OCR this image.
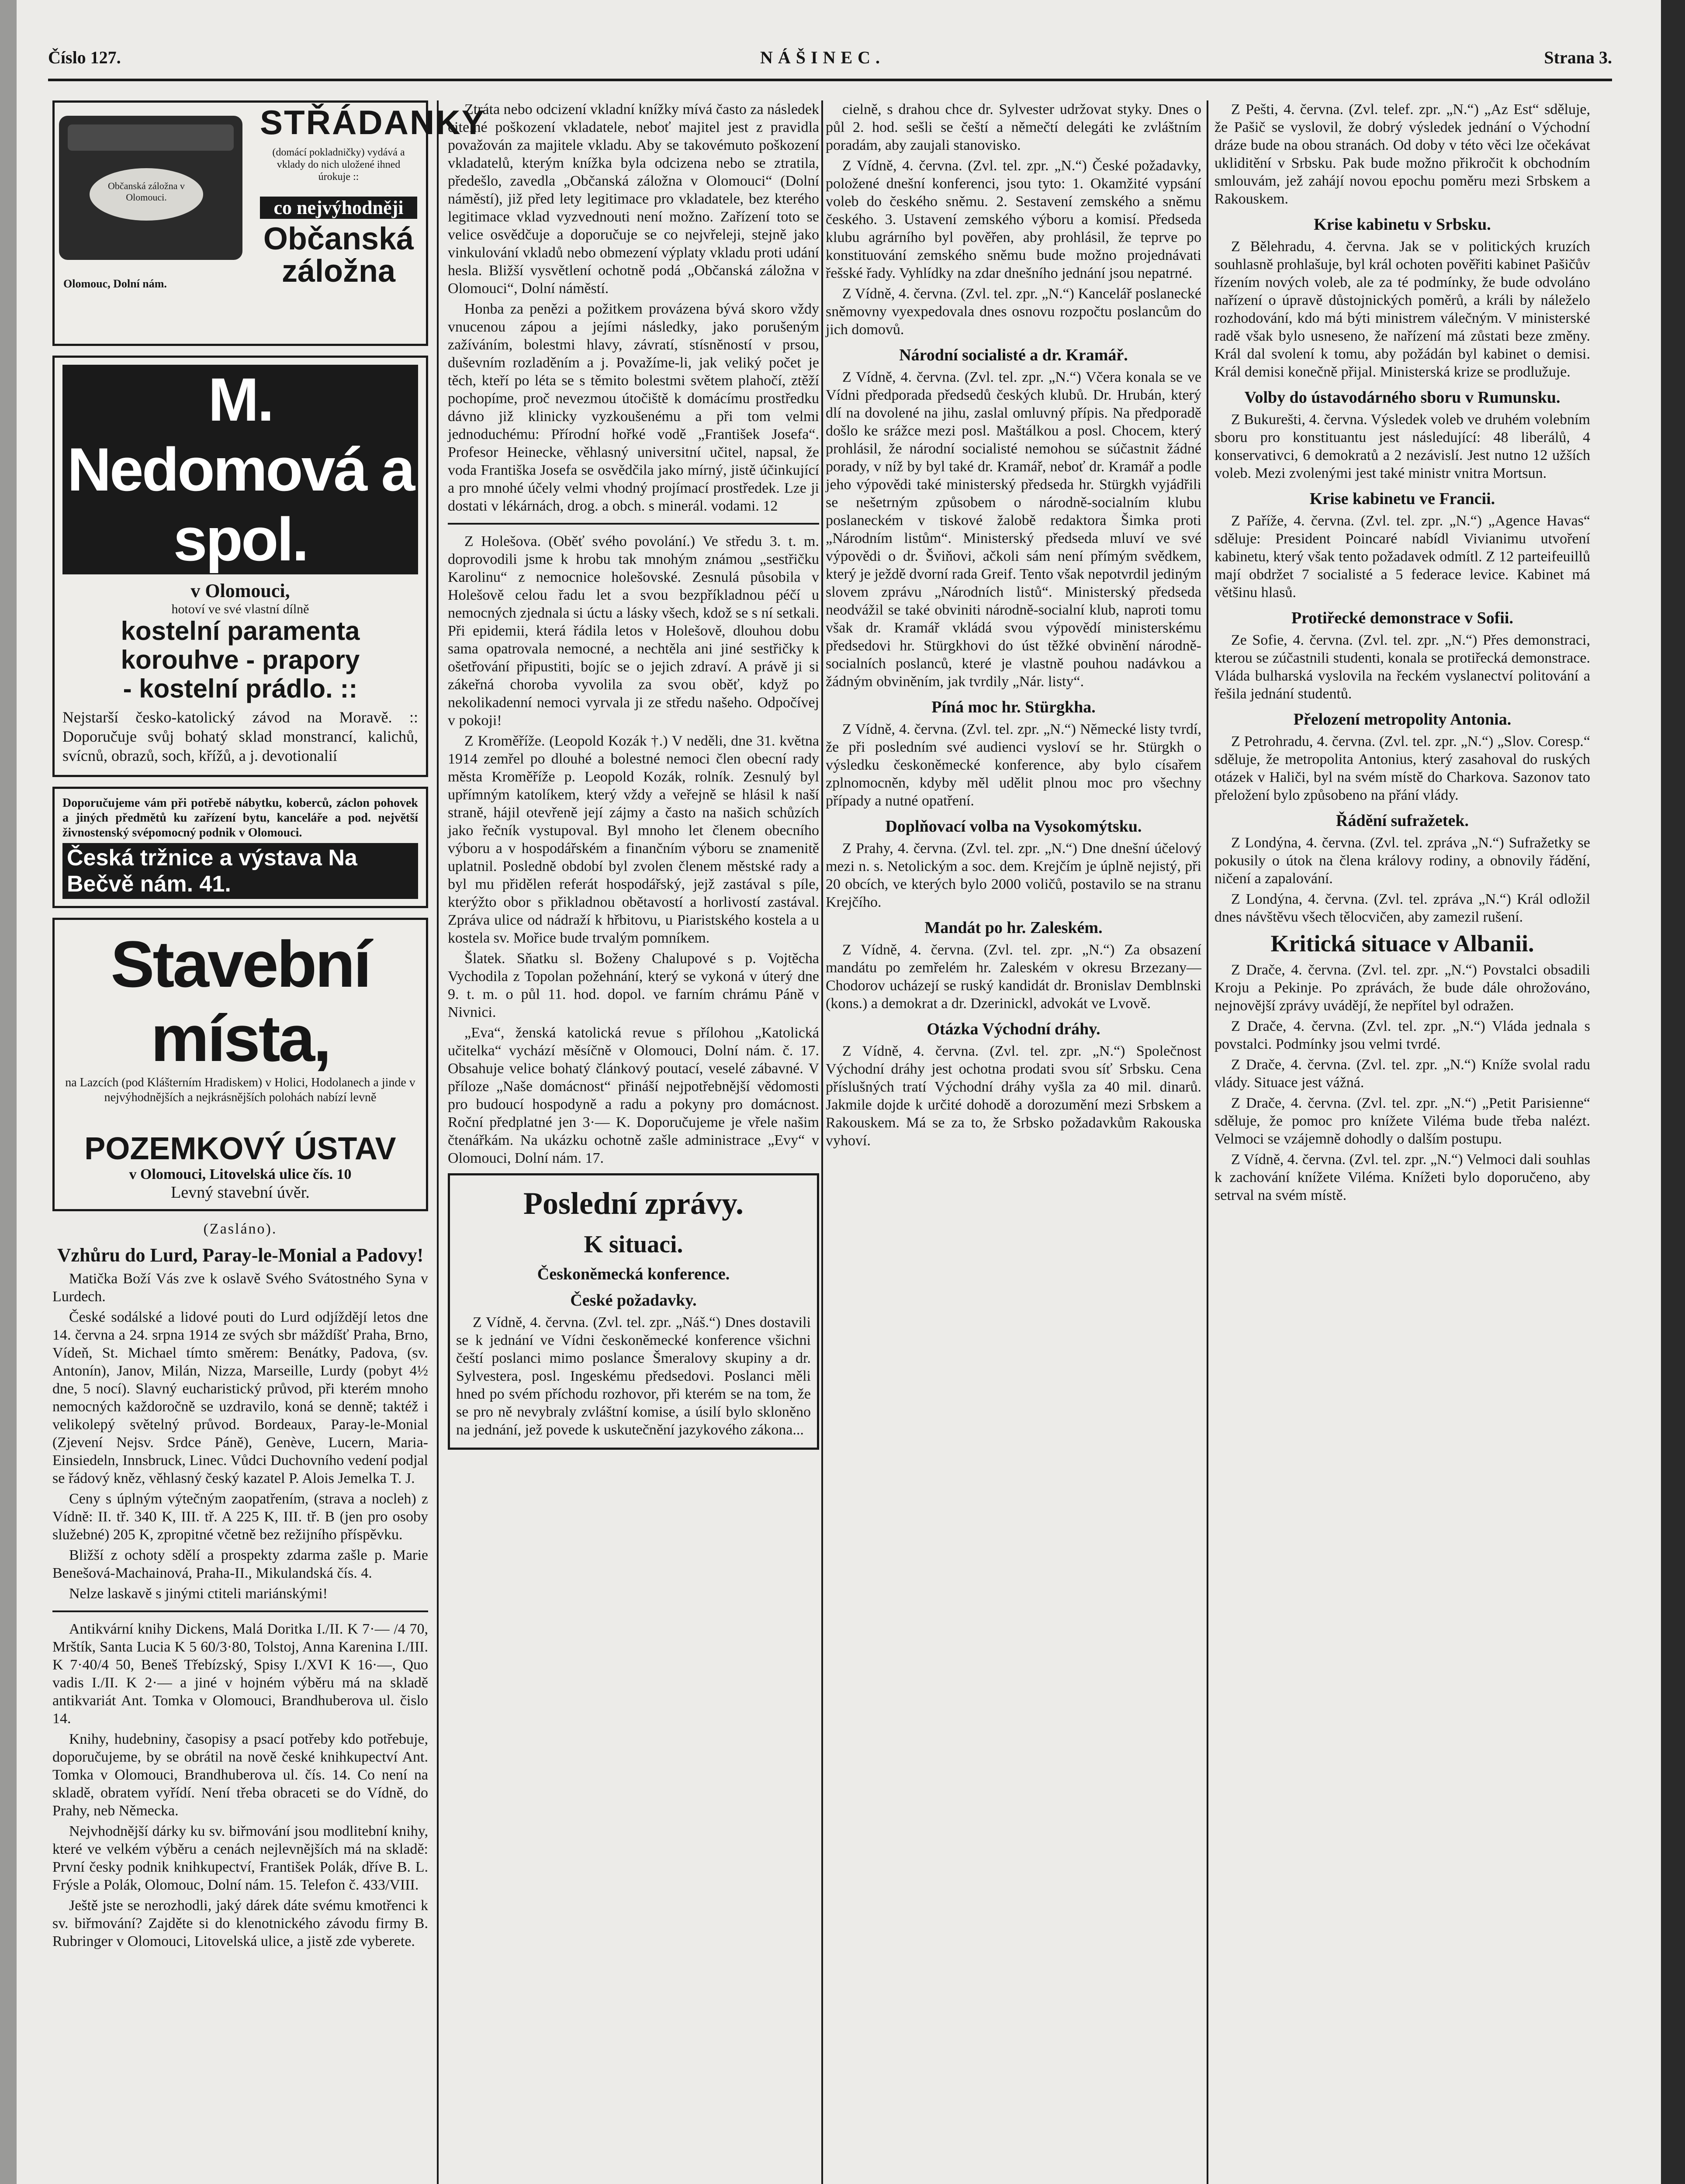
Číslo 127.	NÁŠINEC.	Strana 3.
Občanská záložna v Olomouci.
STŘÁDANKY
(domácí pokladničky) vydává a vklady do nich uložené ihned úrokuje ::
co nejvýhodněji
Občanská záložna
Olomouc, Dolní nám.
M. Nedomová a spol.
v Olomouci,
hotoví ve své vlastní dílně
kostelní paramenta
korouhve - prapory
- kostelní prádlo. ::
Nejstarší česko-katolický závod na Moravě. :: Doporučuje svůj bohatý sklad monstrancí, kalichů, svícnů, obrazů, soch, křížů, a j. devotionalií
Doporučujeme vám při potřebě nábytku, koberců, záclon pohovek a jiných předmětů ku zařízení bytu, kanceláře a pod. největší živnostenský svépomocný podnik v Olomouci.
Česká tržnice a výstava Na Bečvě nám. 41.
Stavební místa,
na Lazcích (pod Klášterním Hradiskem) v Holici, Hodolanech a jinde v nejvýhodnějších a nejkrásnějších polohách nabízí levně
POZEMKOVÝ ÚSTAV
v Olomouci, Litovelská ulice čís. 10
Levný stavební úvěr.
(Zasláno).
Vzhůru do Lurd, Paray-le-Monial a Padovy!

Matička Boží Vás zve k oslavě Svého Svátostného Syna v Lurdech.

České sodálské a lidové pouti do Lurd odjíždějí letos dne 14. června a 24. srpna 1914 ze svých sbr máždíšť Praha, Brno, Vídeň, St. Michael tímto směrem: Benátky, Padova, (sv. Antonín), Janov, Milán, Nizza, Marseille, Lurdy (pobyt 4½ dne, 5 nocí). Slavný eucharistický průvod, při kterém mnoho nemocných každoročně se uzdravilo, koná se denně; taktéž i velikolepý světelný průvod. Bordeaux, Paray-le-Monial (Zjevení Nejsv. Srdce Páně), Genève, Lucern, Maria-Einsiedeln, Innsbruck, Linec. Vůdci Duchovního vedení podjal se řádový kněz, věhlasný český kazatel P. Alois Jemelka T. J.

Ceny s úplným výtečným zaopatřením, (strava a nocleh) z Vídně: II. tř. 340 K, III. tř. A 225 K, III. tř. B (jen pro osoby služebné) 205 K, zpropitné včetně bez režijního příspěvku.

Bližší z ochoty sdělí a prospekty zdarma zašle p. Marie Benešová-Machainová, Praha-II., Mikulandská čís. 4.

Nelze laskavě s jinými ctiteli mariánskými!

Antikvární knihy Dickens, Malá Doritka I./II. K 7·— /4 70, Mrštík, Santa Lucia K 5 60/3·80, Tolstoj, Anna Karenina I./III. K 7·40/4 50, Beneš Třebízský, Spisy I./XVI K 16·—, Quo vadis I./II. K 2·— a jiné v hojném výběru má na skladě antikvariát Ant. Tomka v Olomouci, Brandhuberova ul. čislo 14.

Knihy, hudebniny, časopisy a psací potřeby kdo potřebuje, doporučujeme, by se obrátil na nově české knihkupectví Ant. Tomka v Olomouci, Brandhuberova ul. čís. 14. Co není na skladě, obratem vyřídí. Není třeba obraceti se do Vídně, do Prahy, neb Německa.

Nejvhodnější dárky ku sv. biřmování jsou modlitební knihy, které ve velkém výběru a cenách nejlevnějších má na skladě: První česky podnik knihkupectví, František Polák, dříve B. L. Frýsle a Polák, Olomouc, Dolní nám. 15. Telefon č. 433/VIII.

Ještě jste se nerozhodli, jaký dárek dáte svému kmotřenci k sv. biřmování? Zajděte si do klenotnického závodu firmy B. Rubringer v Olomouci, Litovelská ulice, a jistě zde vyberete.

Ztráta nebo odcizení vkladní knížky mívá často za následek citelné poškození vkladatele, neboť majitel jest z pravidla považován za majitele vkladu. Aby se takovémuto poškození vkladatelů, kterým knížka byla odcizena nebo se ztratila, předešlo, zavedla „Občanská záložna v Olomouci“ (Dolní náměstí), již před lety legitimace pro vkladatele, bez kterého legitimace vklad vyzvednouti není možno. Zařízení toto se velice osvědčuje a doporučuje se co nejvřeleji, stejně jako vinkulování vkladů nebo obmezení výplaty vkladu proti udání hesla. Bližší vysvětlení ochotně podá „Občanská záložna v Olomouci“, Dolní náměstí.

Honba za penězi a požitkem provázena bývá skoro vždy vnucenou zápou a jejími následky, jako porušeným zažíváním, bolestmi hlavy, závratí, stísněností v prsou, duševním rozladěním a j. Považíme-li, jak veliký počet je těch, kteří po léta se s těmito bolestmi světem plahočí, ztěží pochopíme, proč nevezmou útočiště k domácímu prostředku dávno již klinicky vyzkoušenému a při tom velmi jednoduchému: Přírodní hořké vodě „František Josefa“. Profesor Heinecke, věhlasný universitní učitel, napsal, že voda Františka Josefa se osvědčila jako mírný, jistě účinkující a pro mnohé účely velmi vhodný projímací prostředek. Lze ji dostati v lékárnách, drog. a obch. s minerál. vodami. 12

Z Holešova. (Oběť svého povolání.) Ve středu 3. t. m. doprovodili jsme k hrobu tak mnohým známou „sestřičku Karolinu“ z nemocnice holešovské. Zesnulá působila v Holešově celou řadu let a svou bezpříkladnou péčí u nemocných zjednala si úctu a lásky všech, kdož se s ní setkali. Při epidemii, která řádila letos v Holešově, dlouhou dobu sama opatrovala nemocné, a nechtěla ani jiné sestřičky k ošetřování připustiti, bojíc se o jejich zdraví. A právě ji si zákeřná choroba vyvolila za svou oběť, když po nekolikadenní nemoci vyrvala ji ze středu našeho. Odpočívej v pokoji!

Z Kroměříže. (Leopold Kozák †.) V neděli, dne 31. května 1914 zemřel po dlouhé a bolestné nemoci člen obecní rady města Kroměříže p. Leopold Kozák, rolník. Zesnulý byl upřímným katolíkem, který vždy a veřejně se hlásil k naší straně, hájil otevřeně její zájmy a často na našich schůzích jako řečník vystupoval. Byl mnoho let členem obecního výboru a v hospodářském a finančním výboru se znamenitě uplatnil. Posledně období byl zvolen členem městské rady a byl mu přidělen referát hospodářský, jejž zastával s píle, kterýžto obor s přikladnou obětavostí a horlivostí zastával. Zpráva ulice od nádraží k hřbitovu, u Piaristského kostela a u kostela sv. Mořice bude trvalým pomníkem.

Šlatek. Sňatku sl. Boženy Chalupové s p. Vojtěcha Vychodila z Topolan požehnání, který se vykoná v úterý dne 9. t. m. o půl 11. hod. dopol. ve farním chrámu Páně v Nivnici.

„Eva“, ženská katolická revue s přílohou „Katolická učitelka“ vychází měsíčně v Olomouci, Dolní nám. č. 17. Obsahuje velice bohatý článkový poutací, veselé zábavné. V příloze „Naše domácnost“ přináší nejpotřebnější vědomosti pro budoucí hospodyně a radu a pokyny pro domácnost. Roční předplatné jen 3·— K. Doporučujeme je vřele našim čtenářkám. Na ukázku ochotně zašle administrace „Evy“ v Olomouci, Dolní nám. 17.

Poslední zprávy.
K situaci.
Českoněmecká konference.
České požadavky.

Z Vídně, 4. června. (Zvl. tel. zpr. „Náš.“) Dnes dostavili se k jednání ve Vídni českoněmecké konference všichni čeští poslanci mimo poslance Šmeralovy skupiny a dr. Sylvestera, posl. Ingeskému předsedovi. Poslanci měli hned po svém příchodu rozhovor, při kterém se na tom, že se pro ně nevybraly zvláštní komise, a úsilí bylo skloněno na jednání, jež povede k uskutečnění jazykového zákona...

cielně, s drahou chce dr. Sylvester udržovat styky. Dnes o půl 2. hod. sešli se čeští a němečtí delegáti ke zvláštním poradám, aby zaujali stanovisko.

Z Vídně, 4. června. (Zvl. tel. zpr. „N.“) České požadavky, položené dnešní konferenci, jsou tyto: 1. Okamžité vypsání voleb do českého sněmu. 2. Sestavení zemského a sněmu českého. 3. Ustavení zemského výboru a komisí. Předseda klubu agrárního byl pověřen, aby prohlásil, že teprve po konstituování zemského sněmu bude možno projednávati řešské řady. Vyhlídky na zdar dnešního jednání jsou nepatrné.

Z Vídně, 4. června. (Zvl. tel. zpr. „N.“) Kancelář poslanecké sněmovny vyexpedovala dnes osnovu rozpočtu poslancům do jich domovů.

Národní socialisté a dr. Kramář.

Z Vídně, 4. června. (Zvl. tel. zpr. „N.“) Včera konala se ve Vídni předporada předsedů českých klubů. Dr. Hrubán, který dlí na dovolené na jihu, zaslal omluvný přípis. Na předporadě došlo ke srážce mezi posl. Maštálkou a posl. Chocem, který prohlásil, že národní socialisté nemohou se súčastnit žádné porady, v níž by byl také dr. Kramář, neboť dr. Kramář a podle jeho výpovědi také ministerský předseda hr. Stürgkh vyjádřili se nešetrným způsobem o národně-socialním klubu poslaneckém v tiskové žalobě redaktora Šimka proti „Národním listům“. Ministerský předseda mluví ve své výpovědi o dr. Šviňovi, ačkoli sám není přímým svědkem, který je ježdě dvorní rada Greif. Tento však nepotvrdil jediným slovem zprávu „Národních listů“. Ministerský předseda neodvážil se také obviniti národně-socialní klub, naproti tomu však dr. Kramář vkládá svou výpovědí ministerskému předsedovi hr. Stürgkhovi do úst těžké obvinění národně-socialních poslanců, které je vlastně pouhou nadávkou a žádným obviněním, jak tvrdily „Nár. listy“.

Píná moc hr. Stürgkha.

Z Vídně, 4. června. (Zvl. tel. zpr. „N.“) Německé listy tvrdí, že při posledním své audienci vysloví se hr. Stürgkh o výsledku českoněmecké konference, aby bylo císařem zplnomocněn, kdyby měl udělit plnou moc pro všechny případy a nutné opatření.

Doplňovací volba na Vysokomýtsku.

Z Prahy, 4. června. (Zvl. tel. zpr. „N.“) Dne dnešní účelový mezi n. s. Netolickým a soc. dem. Krejčím je úplně nejistý, při 20 obcích, ve kterých bylo 2000 voličů, postavilo se na stranu Krejčího.

Mandát po hr. Zaleském.

Z Vídně, 4. června. (Zvl. tel. zpr. „N.“) Za obsazení mandátu po zemřelém hr. Zaleském v okresu Brzezany—Chodorov ucházejí se ruský kandidát dr. Bronislav Demblnski (kons.) a demokrat a dr. Dzerinickl, advokát ve Lvově.

Otázka Východní dráhy.

Z Vídně, 4. června. (Zvl. tel. zpr. „N.“) Společnost Východní dráhy jest ochotna prodati svou síť Srbsku. Cena příslušných tratí Východní dráhy vyšla za 40 mil. dinarů. Jakmile dojde k určité dohodě a dorozumění mezi Srbskem a Rakouskem. Má se za to, že Srbsko požadavkům Rakouska vyhoví.

Z Pešti, 4. června. (Zvl. telef. zpr. „N.“) „Az Est“ sděluje, že Pašič se vyslovil, že dobrý výsledek jednání o Východní dráze bude na obou stranách. Od doby v této věci lze očekávat ukliditění v Srbsku. Pak bude možno přikročit k obchodním smlouvám, jež zahájí novou epochu poměru mezi Srbskem a Rakouskem.

Krise kabinetu v Srbsku.

Z Bělehradu, 4. června. Jak se v politických kruzích souhlasně prohlašuje, byl král ochoten pověřiti kabinet Pašičův řízením nových voleb, ale za té podmínky, že bude odvoláno nařízení o úpravě důstojnických poměrů, a králi by náleželo rozhodování, kdo má býti ministrem válečným. V ministerské radě však bylo usneseno, že nařízení má zůstati beze změny. Král dal svolení k tomu, aby požádán byl kabinet o demisi. Král demisi konečně přijal. Ministerská krize se prodlužuje.

Volby do ústavodárného sboru v Rumunsku.

Z Bukurešti, 4. června. Výsledek voleb ve druhém volebním sboru pro konstituantu jest následující: 48 liberálů, 4 konservativci, 6 demokratů a 2 nezávislí. Jest nutno 12 užších voleb. Mezi zvolenými jest také ministr vnitra Mortsun.

Krise kabinetu ve Francii.

Z Paříže, 4. června. (Zvl. tel. zpr. „N.“) „Agence Havas“ sděluje: President Poincaré nabídl Vivianimu utvoření kabinetu, který však tento požadavek odmítl. Z 12 parteifeuillů mají obdržet 7 socialisté a 5 federace levice. Kabinet má většinu hlasů.

Protiřecké demonstrace v Sofii.

Ze Sofie, 4. června. (Zvl. tel. zpr. „N.“) Přes demonstraci, kterou se zúčastnili studenti, konala se protiřecká demonstrace. Vláda bulharská vyslovila na řeckém vyslanectví politování a řešila jednání studentů.

Přelození metropolity Antonia.

Z Petrohradu, 4. června. (Zvl. tel. zpr. „N.“) „Slov. Coresp.“ sděluje, že metropolita Antonius, který zasahoval do ruských otázek v Haliči, byl na svém místě do Charkova. Sazonov tato přeložení bylo způsobeno na přání vlády.

Řádění sufražetek.

Z Londýna, 4. června. (Zvl. tel. zpráva „N.“) Sufražetky se pokusily o útok na člena královy rodiny, a obnovily řádění, ničení a zapalování.

Z Londýna, 4. června. (Zvl. tel. zpráva „N.“) Král odložil dnes návštěvu všech tělocvičen, aby zamezil rušení.

Kritická situace v Albanii.

Z Drače, 4. června. (Zvl. tel. zpr. „N.“) Povstalci obsadili Kroju a Pekinje. Po zprávách, že bude dále ohrožováno, nejnovější zprávy uvádějí, že nepřítel byl odražen.

Z Drače, 4. června. (Zvl. tel. zpr. „N.“) Vláda jednala s povstalci. Podmínky jsou velmi tvrdé.

Z Drače, 4. června. (Zvl. tel. zpr. „N.“) Kníže svolal radu vlády. Situace jest vážná.

Z Drače, 4. června. (Zvl. tel. zpr. „N.“) „Petit Parisienne“ sděluje, že pomoc pro knížete Viléma bude třeba nalézt. Velmoci se vzájemně dohodly o dalším postupu.

Z Vídně, 4. června. (Zvl. tel. zpr. „N.“) Velmoci dali souhlas k zachování knížete Viléma. Knížeti bylo doporučeno, aby setrval na svém místě.
